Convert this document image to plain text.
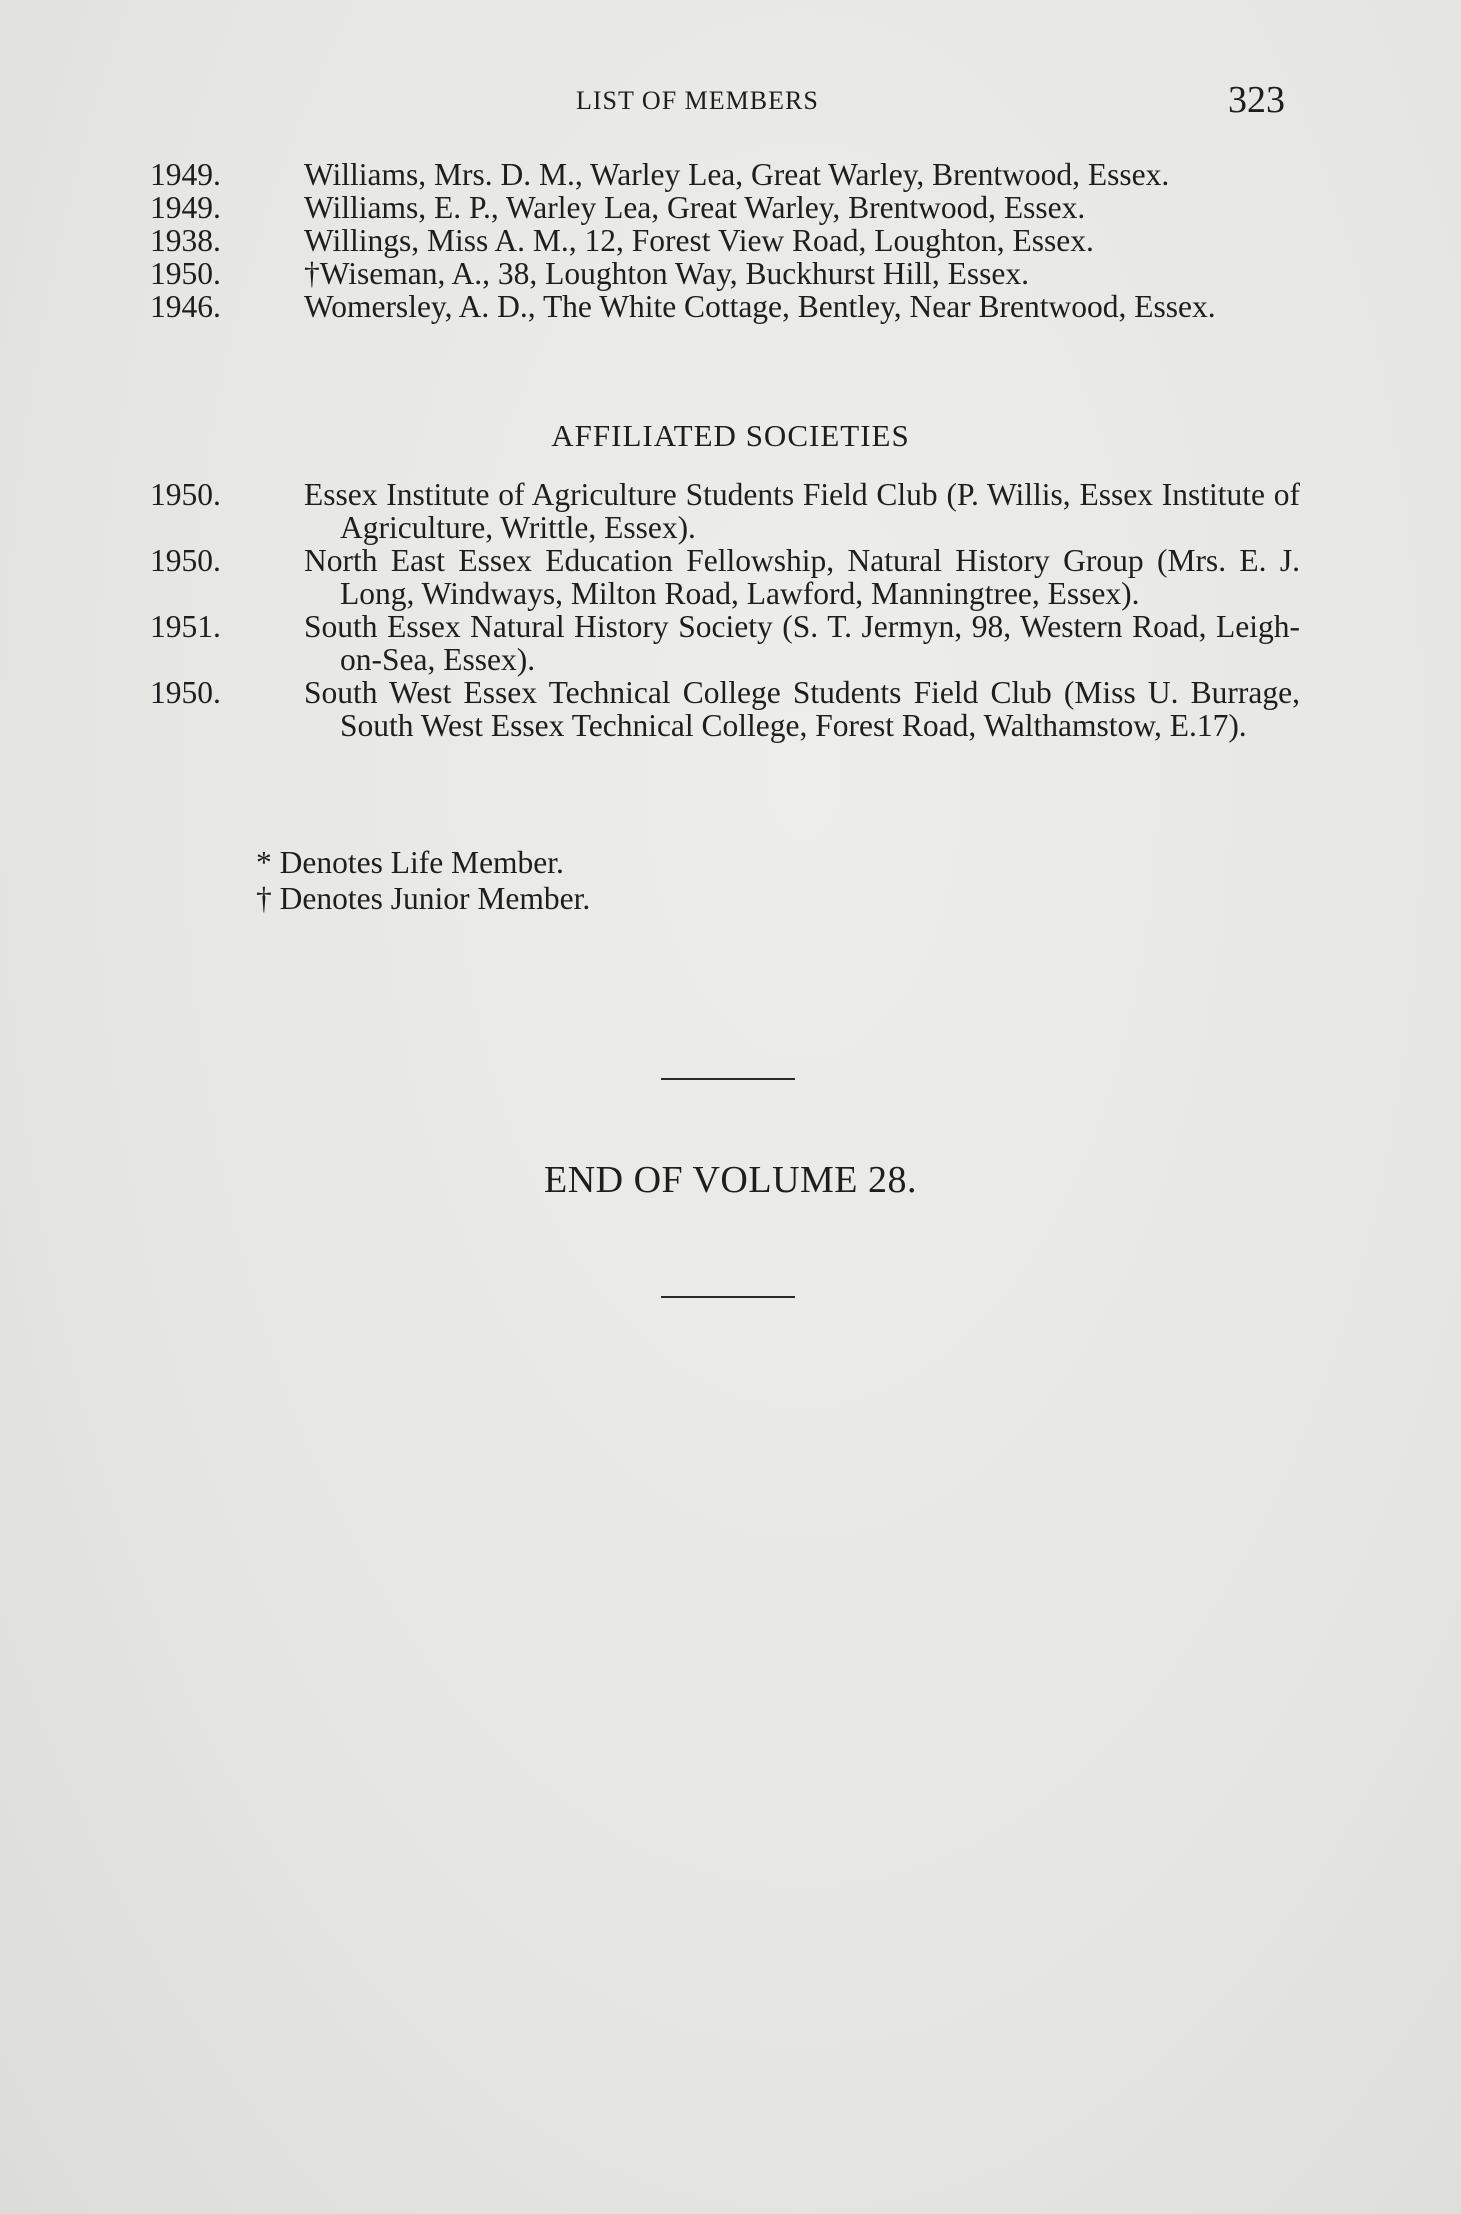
LIST OF MEMBERS	323

1949.	Williams, Mrs. D. M., Warley Lea, Great Warley, Brentwood, Essex.

1949.	Williams, E. P., Warley Lea, Great Warley, Brentwood, Essex.

1938.	Willings, Miss A. M., 12, Forest View Road, Loughton, Essex.

1950.	†Wiseman, A., 38, Loughton Way, Buckhurst Hill, Essex.

1946.	Womersley, A. D., The White Cottage, Bentley, Near Brentwood, Essex.

AFFILIATED SOCIETIES

1950.	Essex Institute of Agriculture Students Field Club (P. Willis, Essex Institute of Agriculture, Writtle, Essex).

1950.	North East Essex Education Fellowship, Natural History Group (Mrs. E. J. Long, Windways, Milton Road, Lawford, Manningtree, Essex).

1951.	South Essex Natural History Society (S. T. Jermyn, 98, Western Road, Leigh-on-Sea, Essex).

1950.	South West Essex Technical College Students Field Club (Miss U. Burrage, South West Essex Technical College, Forest Road, Walthamstow, E.17).

* Denotes Life Member.
† Denotes Junior Member.
END OF VOLUME 28.
